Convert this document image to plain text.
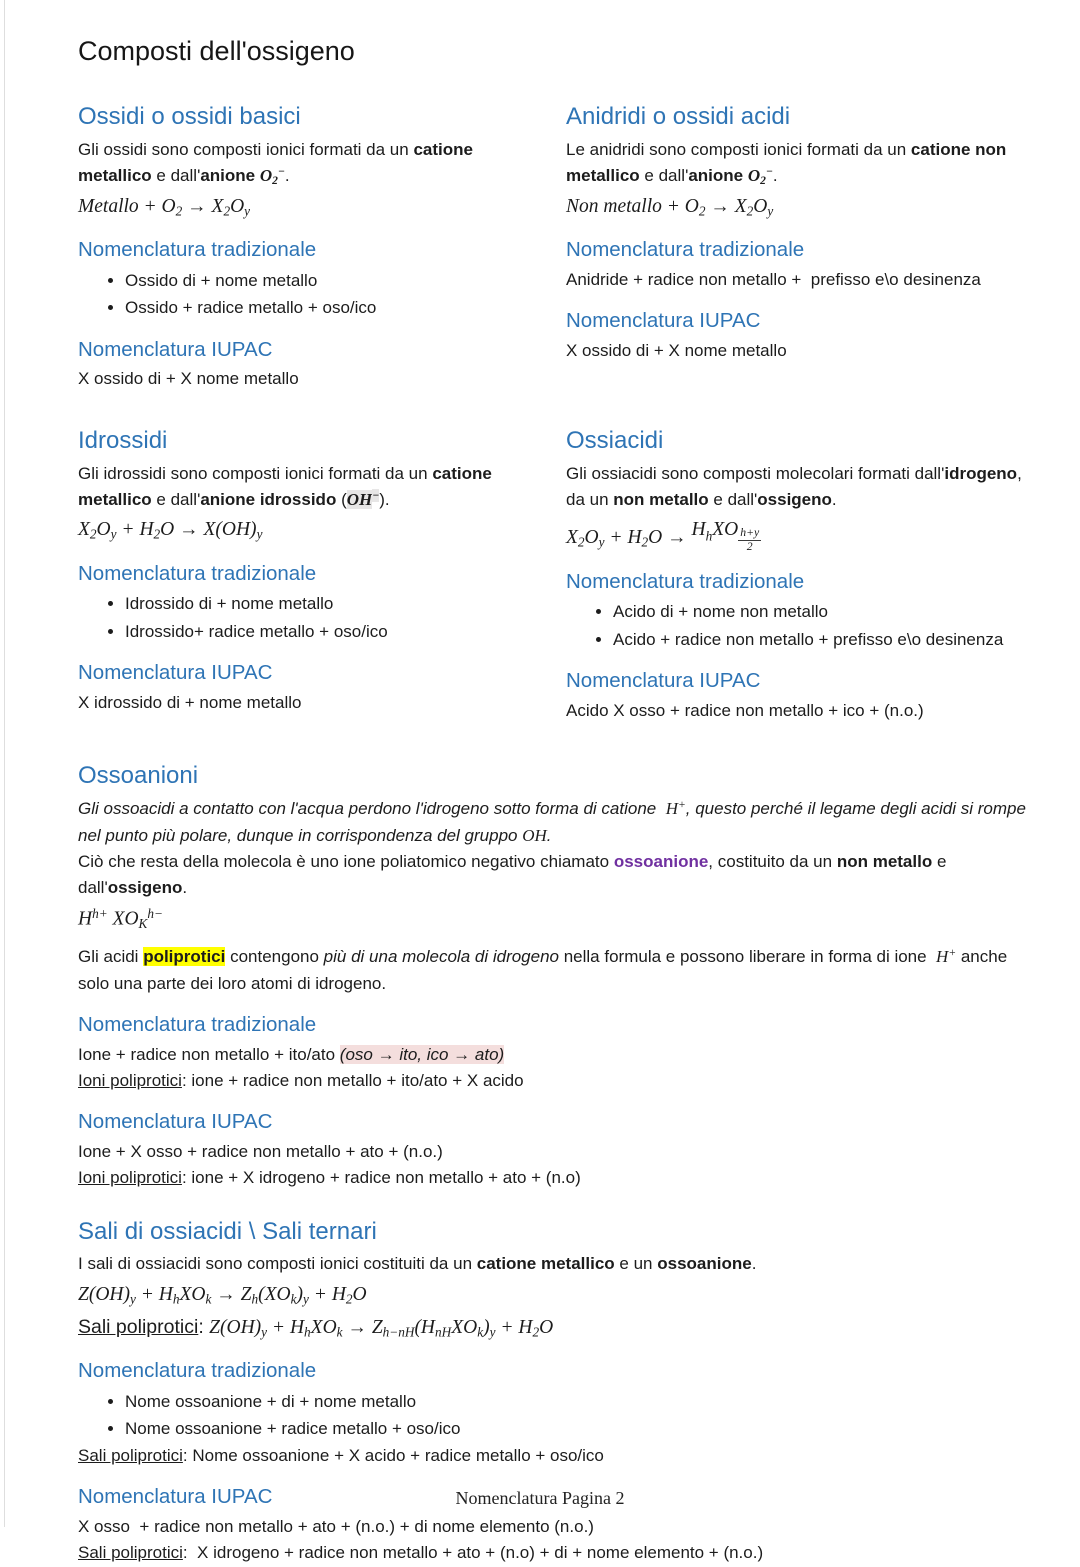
Composti dell'ossigeno
Ossidi o ossidi basici

Gli ossidi sono composti ionici formati da un catione metallico e dall'anione $O_2^-$.

Metallo + $O_2 \to X_2O_y$

Nomenclatura tradizionale
• Ossido di + nome metallo
• Ossido + radice metallo + oso/ico
Nomenclatura IUPAC

X ossido di + X nome metallo

Anidridi o ossidi acidi

Le anidridi sono composti ionici formati da un catione non metallico e dall'anione $O_2^-$.

Non metallo + $O_2 \to X_2O_y$

Nomenclatura tradizionale

Anidride + radice non metallo +  prefisso e\o desinenza

Nomenclatura IUPAC

X ossido di + X nome metallo

Idrossidi

Gli idrossidi sono composti ionici formati da un catione metallico e dall'anione idrossido (OH−).

$X_2O_y + H_2O \to X(OH)_y$

Nomenclatura tradizionale
• Idrossido di + nome metallo
• Idrossido+ radice metallo + oso/ico
Nomenclatura IUPAC

X idrossido di + nome metallo

Ossiacidi

Gli ossiacidi sono composti molecolari formati dall'idrogeno, da un non metallo e dall'ossigeno.

$X_2O_y + H_2O$ → HhXO $\frac{h+y}{2}$

Nomenclatura tradizionale
• Acido di + nome non metallo
• Acido + radice non metallo + prefisso e\o desinenza
Nomenclatura IUPAC

Acido X osso + radice non metallo + ico + (n.o.)

Ossoanioni

Gli ossoacidi a contatto con l'acqua perdono l'idrogeno sotto forma di catione  H+, questo perché il legame degli acidi si rompe nel punto più polare, dunque in corrispondenza del gruppo OH.

Ciò che resta della molecola è uno ione poliatomico negativo chiamato ossoanione, costituito da un non metallo e dall'ossigeno.

$H^{h+}$ $XO_K^{h-}$

Gli acidi poliprotici contengono più di una molecola di idrogeno nella formula e possono liberare in forma di ione  H+ anche solo una parte dei loro atomi di idrogeno.

Nomenclatura tradizionale

Ione + radice non metallo + ito/ato (oso → ito, ico → ato)

Ioni poliprotici: ione + radice non metallo + ito/ato + X acido

Nomenclatura IUPAC

Ione + X osso + radice non metallo + ato + (n.o.)

Ioni poliprotici: ione + X idrogeno + radice non metallo + ato + (n.o)

Sali di ossiacidi \ Sali ternari

I sali di ossiacidi sono composti ionici costituiti da un catione metallico e un ossoanione.

$Z(OH)_y + H_hXO_k \to Z_h(XO_k)_y + H_2O$

Sali poliprotici: $Z(OH)_y + H_hXO_k \to Z_{h-nH}(H_{nH}XO_k)_y + H_2O$

Nomenclatura tradizionale
• Nome ossoanione + di + nome metallo
• Nome ossoanione + radice metallo + oso/ico

Sali poliprotici: Nome ossoanione + X acido + radice metallo + oso/ico

Nomenclatura IUPAC

X osso  + radice non metallo + ato + (n.o.) + di nome elemento (n.o.)

Sali poliprotici:  X idrogeno + radice non metallo + ato + (n.o) + di + nome elemento + (n.o.)

Nomenclatura Pagina 2
